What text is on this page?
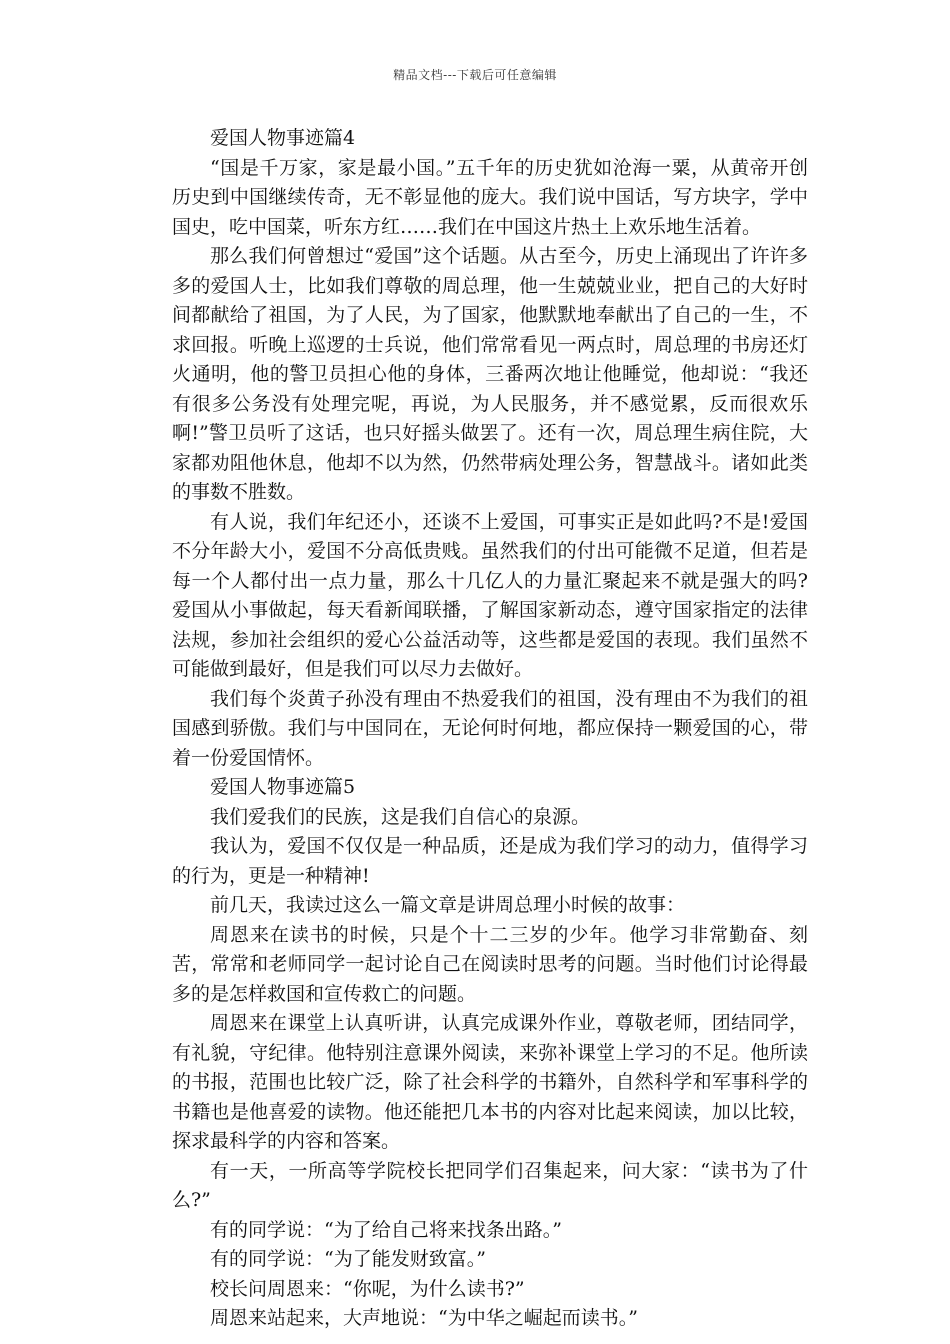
精品文档---下载后可任意编辑

爱国人物事迹篇4

“国是千万家，家是最小国。”五千年的历史犹如沧海一粟，从黄帝开创历史到中国继续传奇，无不彰显他的庞大。我们说中国话，写方块字，学中国史，吃中国菜，听东方红……我们在中国这片热土上欢乐地生活着。

那么我们何曾想过“爱国”这个话题。从古至今，历史上涌现出了许许多多的爱国人士，比如我们尊敬的周总理，他一生兢兢业业，把自己的大好时间都献给了祖国，为了人民，为了国家，他默默地奉献出了自己的一生，不求回报。听晚上巡逻的士兵说，他们常常看见一两点时，周总理的书房还灯火通明，他的警卫员担心他的身体，三番两次地让他睡觉，他却说：“我还有很多公务没有处理完呢，再说，为人民服务，并不感觉累，反而很欢乐啊!”警卫员听了这话，也只好摇头做罢了。还有一次，周总理生病住院，大家都劝阻他休息，他却不以为然，仍然带病处理公务，智慧战斗。诸如此类的事数不胜数。

有人说，我们年纪还小，还谈不上爱国，可事实正是如此吗?不是!爱国不分年龄大小，爱国不分高低贵贱。虽然我们的付出可能微不足道，但若是每一个人都付出一点力量，那么十几亿人的力量汇聚起来不就是强大的吗?爱国从小事做起，每天看新闻联播，了解国家新动态，遵守国家指定的法律法规，参加社会组织的爱心公益活动等，这些都是爱国的表现。我们虽然不可能做到最好，但是我们可以尽力去做好。

我们每个炎黄子孙没有理由不热爱我们的祖国，没有理由不为我们的祖国感到骄傲。我们与中国同在，无论何时何地，都应保持一颗爱国的心，带着一份爱国情怀。

爱国人物事迹篇5

我们爱我们的民族，这是我们自信心的泉源。

我认为，爱国不仅仅是一种品质，还是成为我们学习的动力，值得学习的行为，更是一种精神!

前几天，我读过这么一篇文章是讲周总理小时候的故事：

周恩来在读书的时候，只是个十二三岁的少年。他学习非常勤奋、刻苦，常常和老师同学一起讨论自己在阅读时思考的问题。当时他们讨论得最多的是怎样救国和宣传救亡的问题。

周恩来在课堂上认真听讲，认真完成课外作业，尊敬老师，团结同学，有礼貌，守纪律。他特别注意课外阅读，来弥补课堂上学习的不足。他所读的书报，范围也比较广泛，除了社会科学的书籍外，自然科学和军事科学的书籍也是他喜爱的读物。他还能把几本书的内容对比起来阅读，加以比较，探求最科学的内容和答案。

有一天，一所高等学院校长把同学们召集起来，问大家：“读书为了什么?”

有的同学说：“为了给自己将来找条出路。”

有的同学说：“为了能发财致富。”

校长问周恩来：“你呢，为什么读书?”

周恩来站起来，大声地说：“为中华之崛起而读书。”
